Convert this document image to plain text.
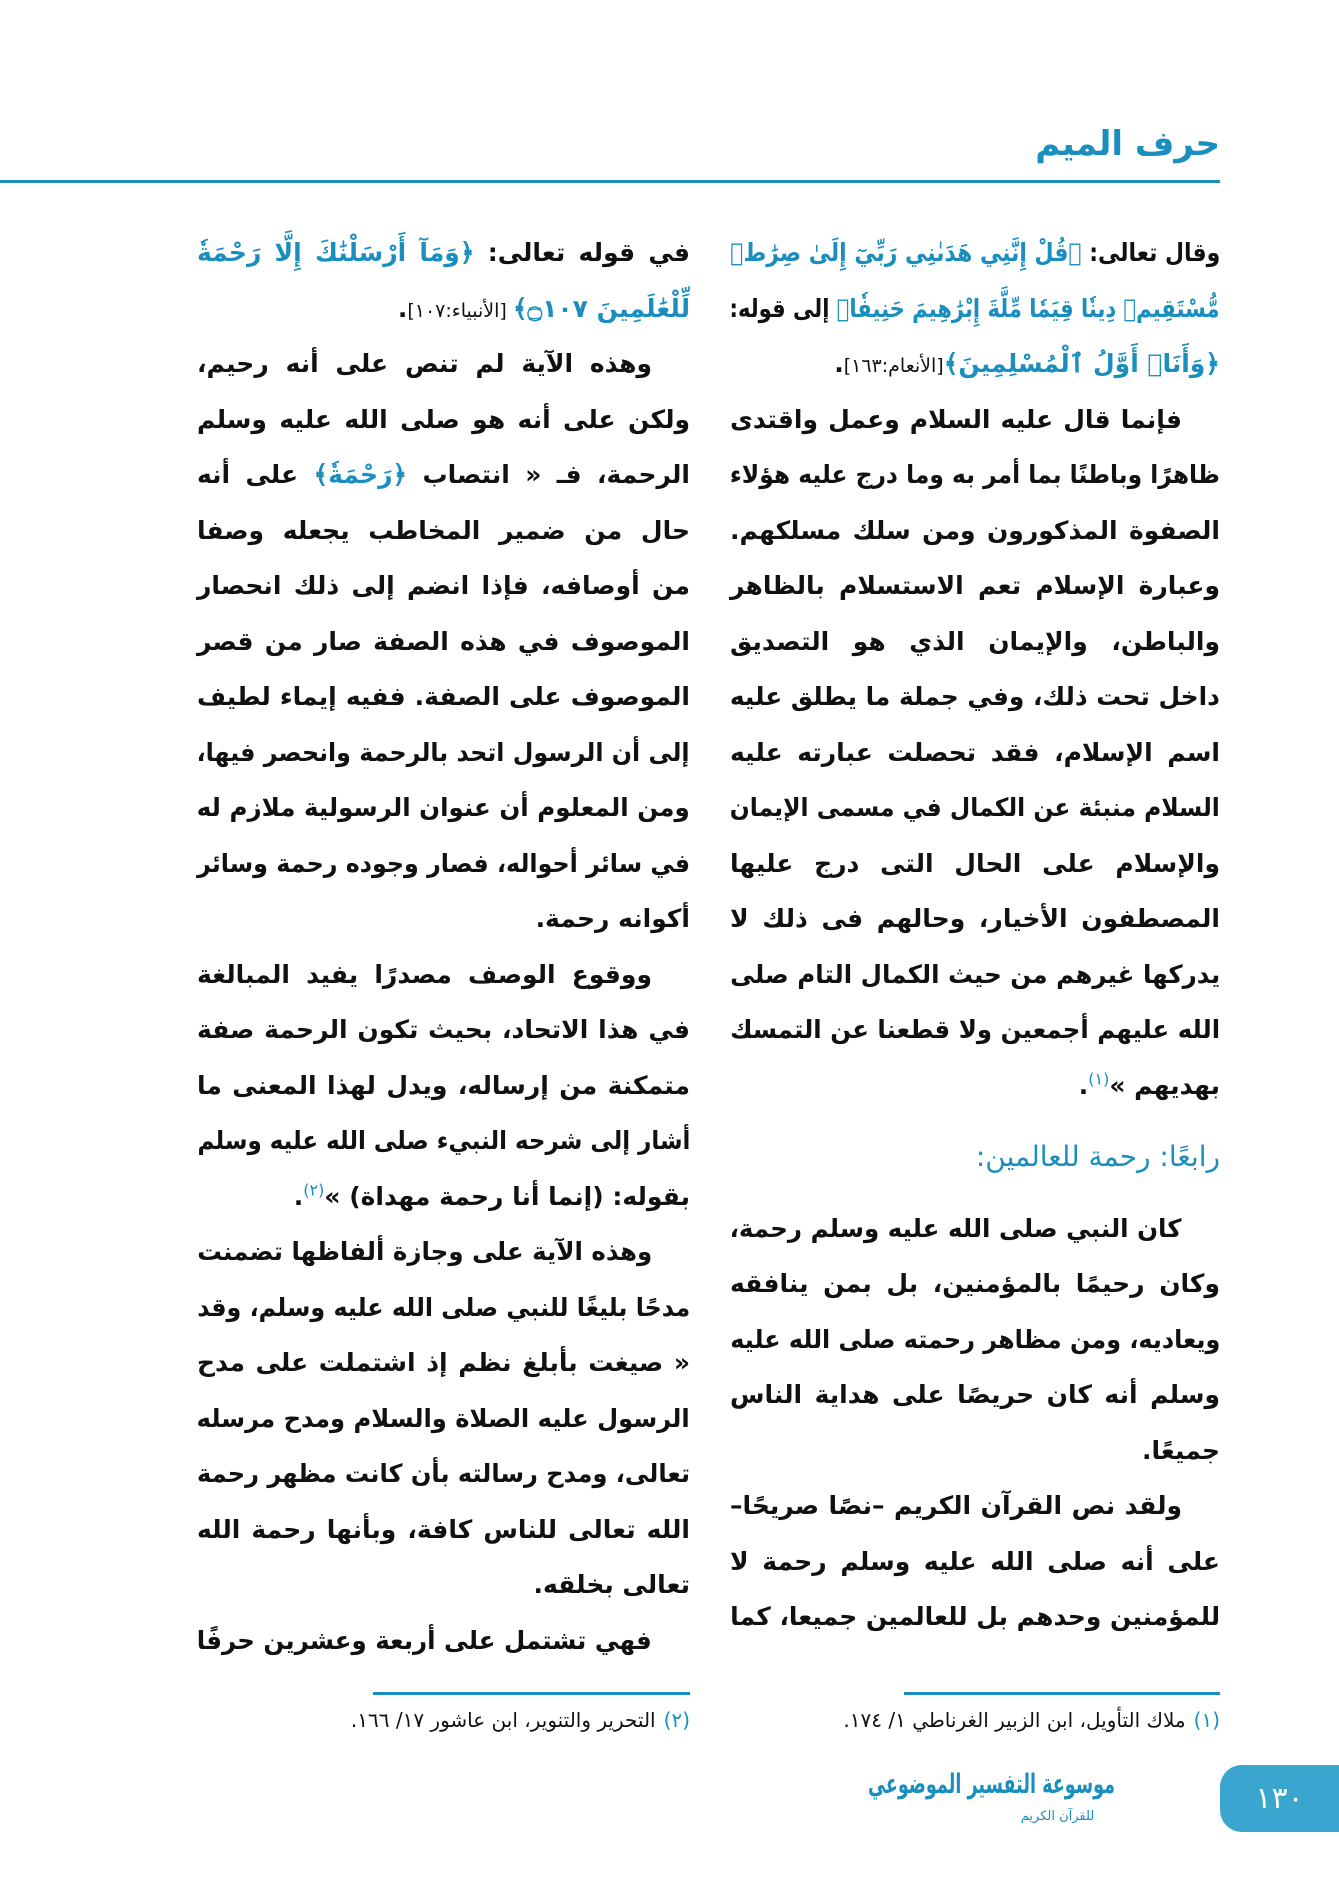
حرف الميم
وقال تعالى: ﴿قُلْ إِنَّنِي هَدَىٰنِي رَبِّيٓ إِلَىٰ صِرَٰطٖ
مُّسْتَقِيمٖ دِينٗا قِيَمٗا مِّلَّةَ إِبْرَٰهِيمَ حَنِيفٗا﴾ إلى قوله:
﴿وَأَنَا۠ أَوَّلُ ٱلْمُسْلِمِينَ﴾[الأنعام:١٦٣].
فإنما قال عليه السلام وعمل واقتدى
ظاهرًا وباطنًا بما أمر به وما درج عليه هؤلاء
الصفوة المذكورون ومن سلك مسلكهم.
وعبارة الإسلام تعم الاستسلام بالظاهر
والباطن، والإيمان الذي هو التصديق
داخل تحت ذلك، وفي جملة ما يطلق عليه
اسم الإسلام، فقد تحصلت عبارته عليه
السلام منبئة عن الكمال في مسمى الإيمان
والإسلام على الحال التى درج عليها
المصطفون الأخيار، وحالهم فى ذلك لا
يدركها غيرهم من حيث الكمال التام صلى
الله عليهم أجمعين ولا قطعنا عن التمسك
بهديهم »$^{(١)}$.
رابعًا: رحمة للعالمين:
كان النبي صلى الله عليه وسلم رحمة،
وكان رحيمًا بالمؤمنين، بل بمن ينافقه
ويعاديه، ومن مظاهر رحمته صلى الله عليه
وسلم أنه كان حريصًا على هداية الناس
جميعًا.
ولقد نص القرآن الكريم –نصًا صريحًا–
على أنه صلى الله عليه وسلم رحمة لا
للمؤمنين وحدهم بل للعالمين جميعا، كما
في قوله تعالى: ﴿وَمَآ أَرْسَلْنَٰكَ إِلَّا رَحْمَةٗ
لِّلْعَٰلَمِينَ ۝١٠٧﴾ [الأنبياء:١٠٧].
وهذه الآية لم تنص على أنه رحيم،
ولكن على أنه هو صلى الله عليه وسلم
الرحمة، فـ « انتصاب ﴿رَحْمَةٗ﴾ على أنه
حال من ضمير المخاطب يجعله وصفا
من أوصافه، فإذا انضم إلى ذلك انحصار
الموصوف في هذه الصفة صار من قصر
الموصوف على الصفة. ففيه إيماء لطيف
إلى أن الرسول اتحد بالرحمة وانحصر فيها،
ومن المعلوم أن عنوان الرسولية ملازم له
في سائر أحواله، فصار وجوده رحمة وسائر
أكوانه رحمة.
ووقوع الوصف مصدرًا يفيد المبالغة
في هذا الاتحاد، بحيث تكون الرحمة صفة
متمكنة من إرساله، ويدل لهذا المعنى ما
أشار إلى شرحه النبيء صلى الله عليه وسلم
بقوله: (إنما أنا رحمة مهداة) »$^{(٢)}$.
وهذه الآية على وجازة ألفاظها تضمنت
مدحًا بليغًا للنبي صلى الله عليه وسلم، وقد
« صيغت بأبلغ نظم إذ اشتملت على مدح
الرسول عليه الصلاة والسلام ومدح مرسله
تعالى، ومدح رسالته بأن كانت مظهر رحمة
الله تعالى للناس كافة، وبأنها رحمة الله
تعالى بخلقه.
فهي تشتمل على أربعة وعشرين حرفًا
(١)ملاك التأويل، ابن الزبير الغرناطي ١/ ١٧٤.
(٢)التحرير والتنوير، ابن عاشور ١٧/ ١٦٦.
موسوعة التفسير الموضوعي
للقرآن الكريم
١٣٠
